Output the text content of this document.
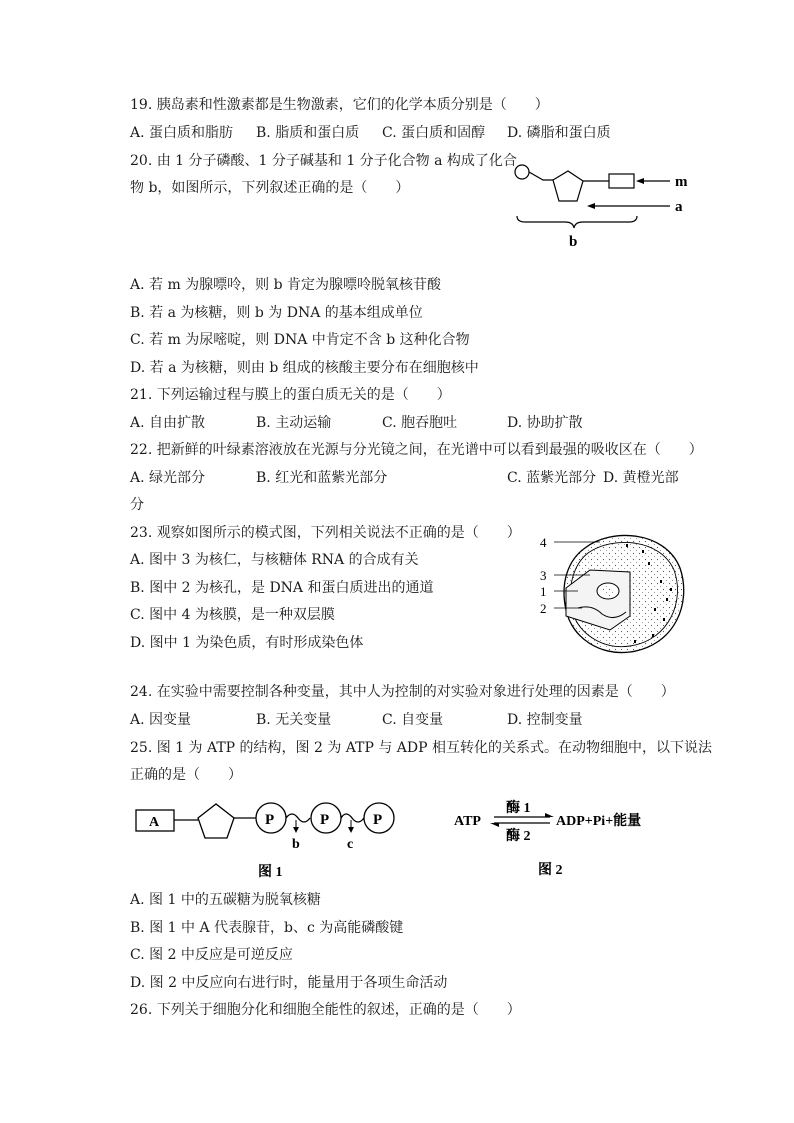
19. 胰岛素和性激素都是生物激素，它们的化学本质分别是（　　）
A. 蛋白质和脂肪 B. 脂质和蛋白质 C. 蛋白质和固醇 D. 磷脂和蛋白质
20. 由 1 分子磷酸、1 分子碱基和 1 分子化合物 a 构成了化合
物 b，如图所示，下列叙述正确的是（　　）	m
a
b
A. 若 m 为腺嘌呤，则 b 肯定为腺嘌呤脱氧核苷酸
B. 若 a 为核糖，则 b 为 DNA 的基本组成单位
C. 若 m 为尿嘧啶，则 DNA 中肯定不含 b 这种化合物
D. 若 a 为核糖，则由 b 组成的核酸主要分布在细胞核中
21. 下列运输过程与膜上的蛋白质无关的是（　　）
A. 自由扩散	B. 主动运输	C. 胞吞胞吐	D. 协助扩散
22. 把新鲜的叶绿素溶液放在光源与分光镜之间，在光谱中可以看到最强的吸收区在（　　）
A. 绿光部分	B. 红光和蓝紫光部分	C. 蓝紫光部分 D. 黄橙光部
分
23. 观察如图所示的模式图，下列相关说法不正确的是（　　）
A. 图中 3 为核仁，与核糖体 RNA 的合成有关
B. 图中 2 为核孔，是 DNA 和蛋白质进出的通道
C. 图中 4 为核膜，是一种双层膜
D. 图中 1 为染色质，有时形成染色体
4
3
1
2
24. 在实验中需要控制各种变量，其中人为控制的对实验对象进行处理的因素是（　　）
A. 因变量	B. 无关变量	C. 自变量	D. 控制变量
25. 图 1 为 ATP 的结构，图 2 为 ATP 与 ADP 相互转化的关系式。在动物细胞中，以下说法
正确的是（　　）
A	P
b
P
c
P
图 1
ATP
酶 1
酶 2
ADP+Pi+能量
图 2
A. 图 1 中的五碳糖为脱氧核糖
B. 图 1 中 A 代表腺苷，b、c 为高能磷酸键
C. 图 2 中反应是可逆反应
D. 图 2 中反应向右进行时，能量用于各项生命活动
26. 下列关于细胞分化和细胞全能性的叙述，正确的是（　　）
